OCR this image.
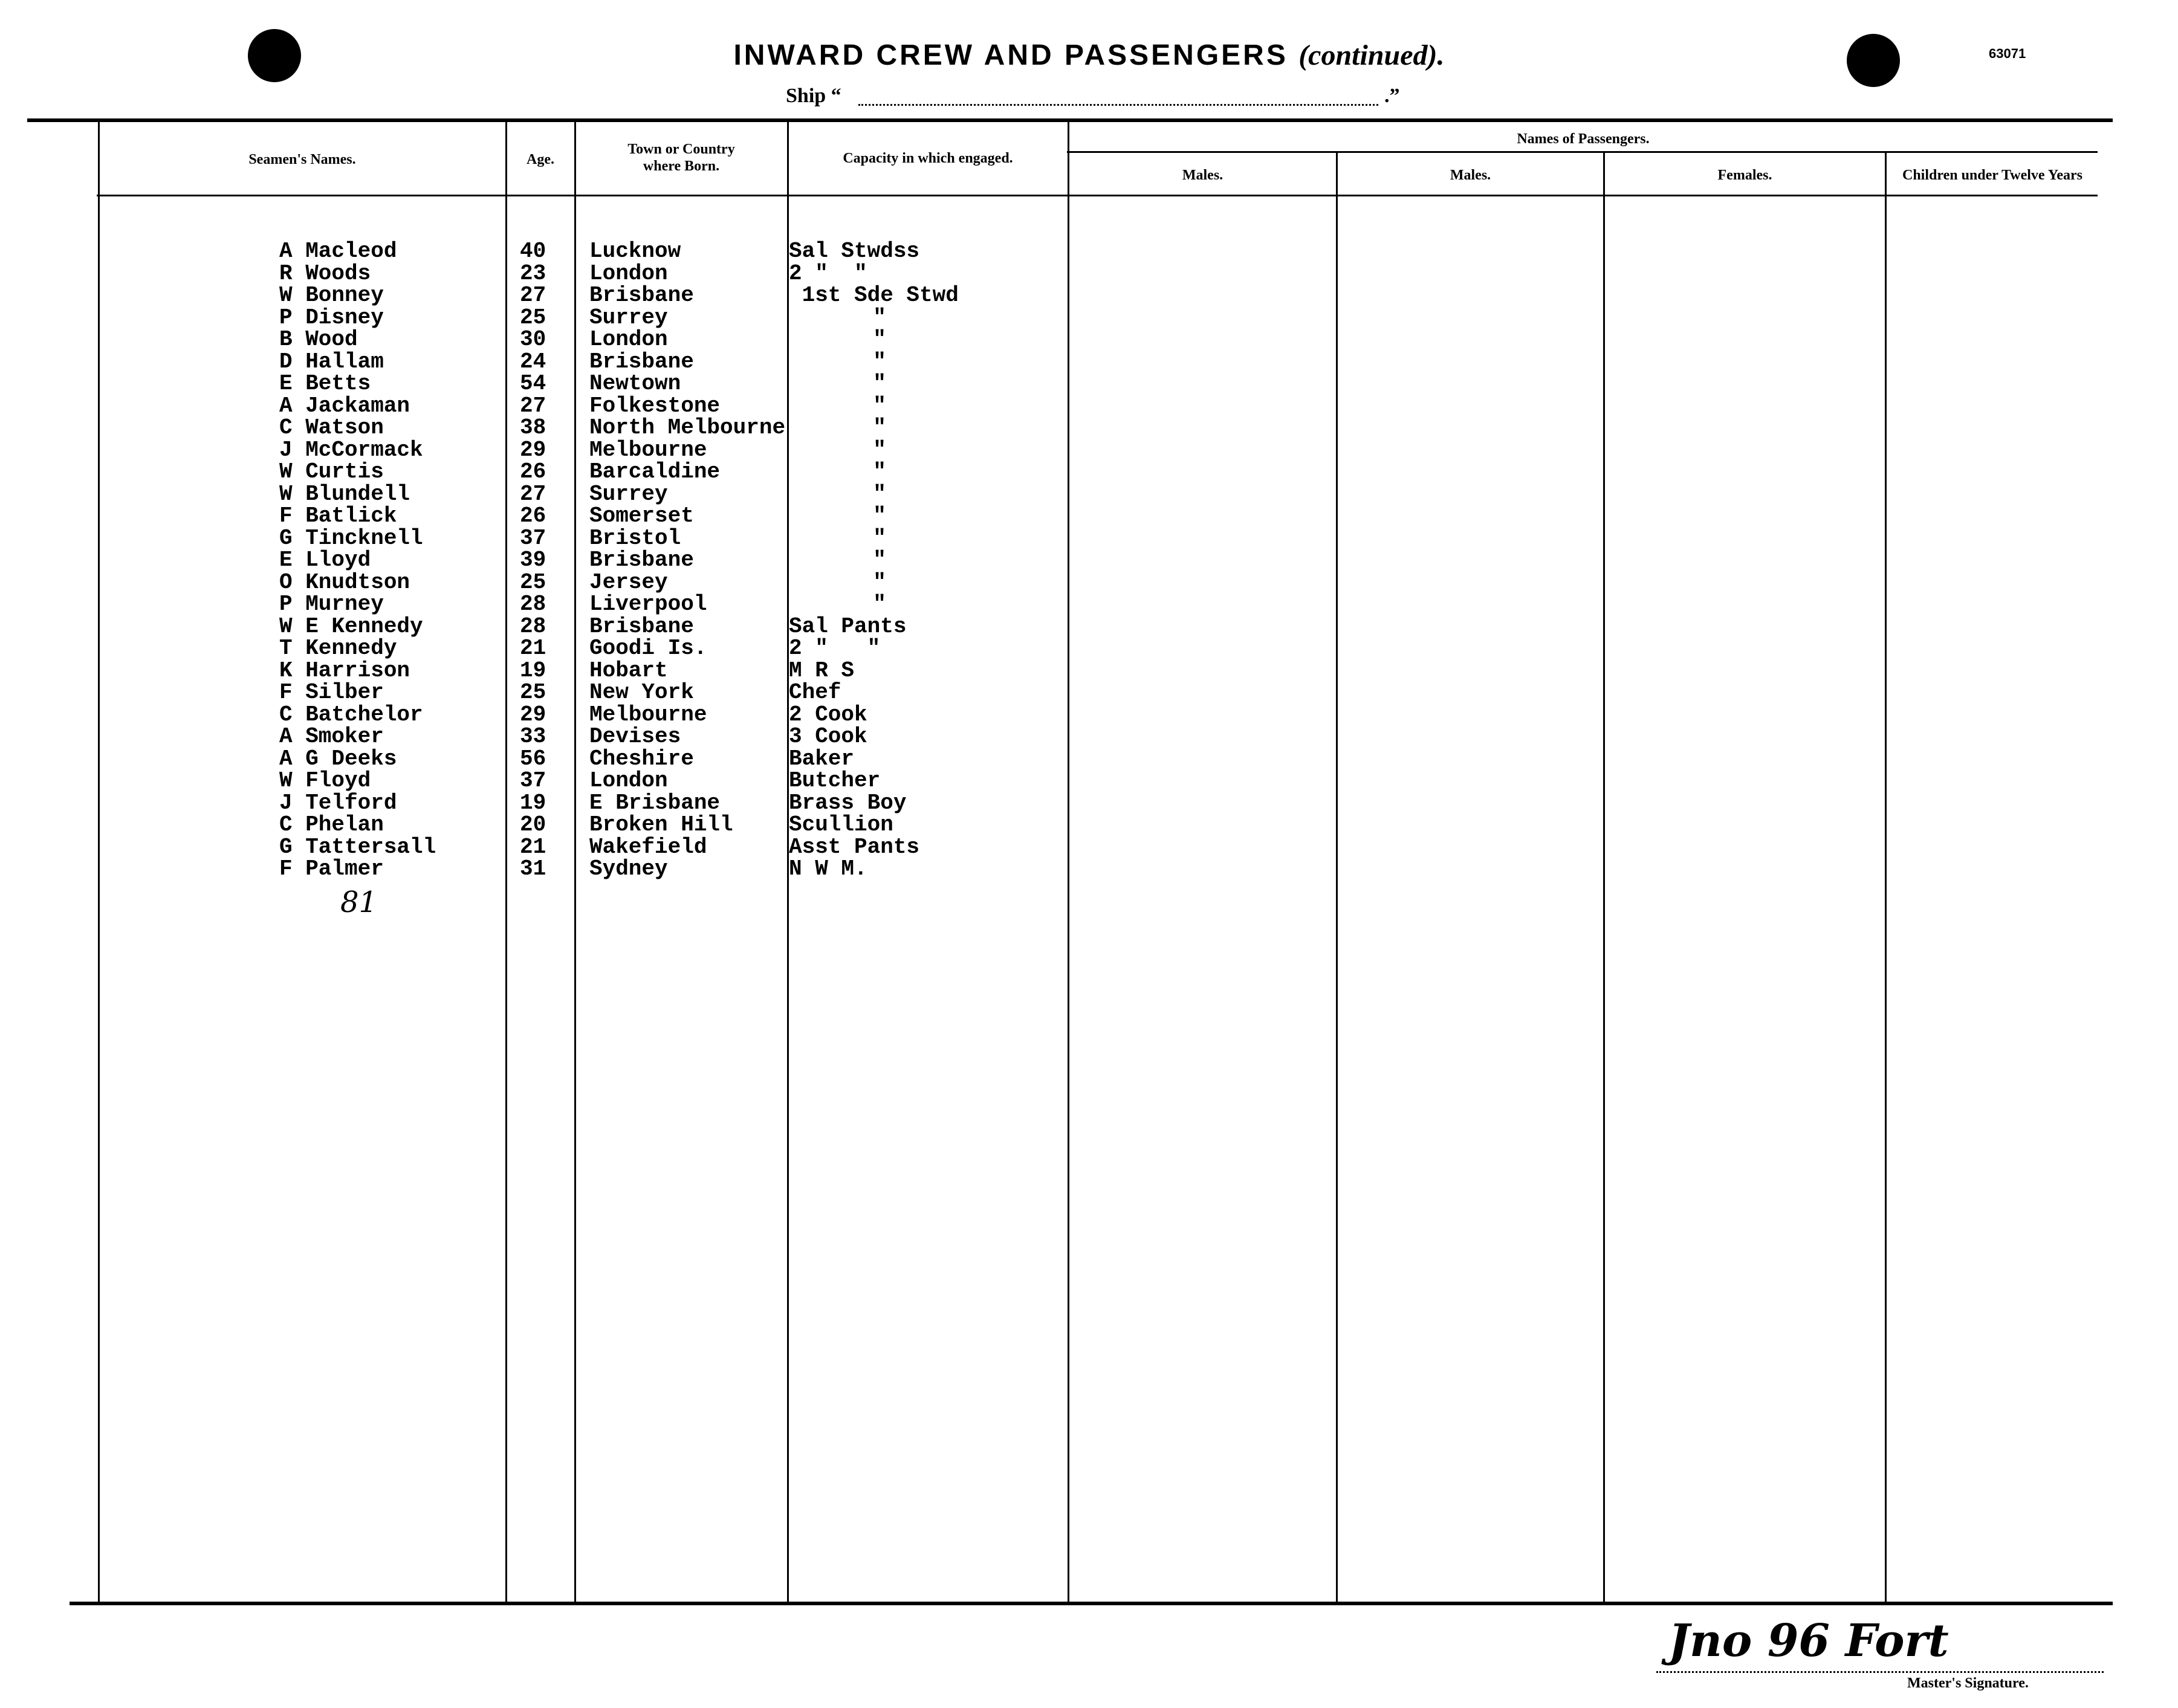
INWARD CREW AND PASSENGERS (continued).	63071
Ship “	.”
Seamen's Names.	Age.
Town or Country
where Born.	Capacity in which engaged.
Names of Passengers.
Males.	Males.	Females.	Children under Twelve Years
A Macleod	40	Lucknow	Sal Stwdss
R Woods	23	London	2 "  "
W Bonney	27	Brisbane	1st Sde Stwd
P Disney	25	Surrey	"
B Wood	30	London	"
D Hallam	24	Brisbane	"
E Betts	54	Newtown	"
A Jackaman	27	Folkestone	"
C Watson	38	North Melbourne	"
J McCormack	29	Melbourne	"
W Curtis	26	Barcaldine	"
W Blundell	27	Surrey	"
F Batlick	26	Somerset	"
G Tincknell	37	Bristol	"
E Lloyd	39	Brisbane	"
O Knudtson	25	Jersey	"
P Murney	28	Liverpool	"
W E Kennedy	28	Brisbane	Sal Pants
T Kennedy	21	Goodi Is.	2 "   "
K Harrison	19	Hobart	M R S
F Silber	25	New York	Chef
C Batchelor	29	Melbourne	2 Cook
A Smoker	33	Devises	3 Cook
A G Deeks	56	Cheshire	Baker
W Floyd	37	London	Butcher
J Telford	19	E Brisbane	Brass Boy
C Phelan	20	Broken Hill	Scullion
G Tattersall	21	Wakefield	Asst Pants
F Palmer	31	Sydney	N W M.
81
Jno 96 Fort
Master's Signature.
